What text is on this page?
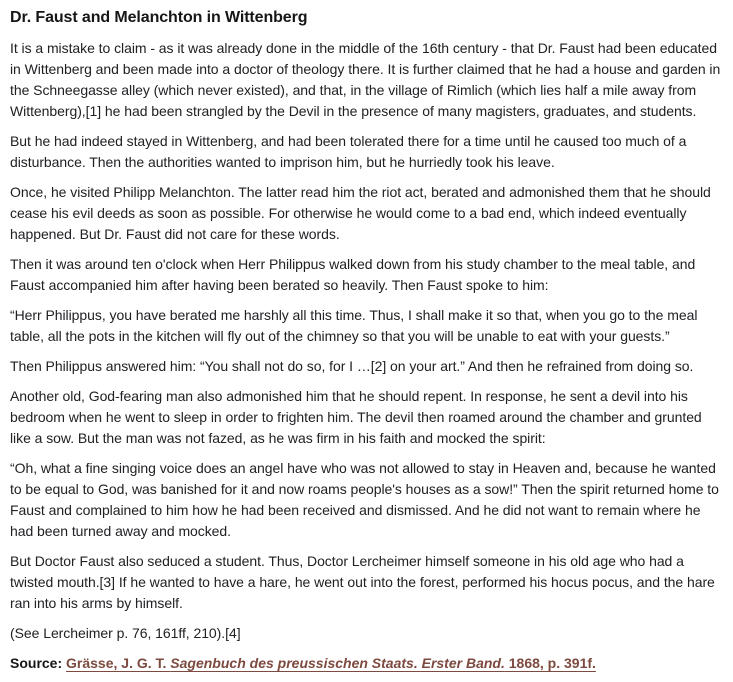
Dr. Faust and Melanchton in Wittenberg

It is a mistake to claim - as it was already done in the middle of the 16th century - that Dr. Faust had been educated in Wittenberg and been made into a doctor of theology there. It is further claimed that he had a house and garden in the Schneegasse alley (which never existed), and that, in the village of Rimlich (which lies half a mile away from Wittenberg),[1] he had been strangled by the Devil in the presence of many magisters, graduates, and students.

But he had indeed stayed in Wittenberg, and had been tolerated there for a time until he caused too much of a disturbance. Then the authorities wanted to imprison him, but he hurriedly took his leave.

Once, he visited Philipp Melanchton. The latter read him the riot act, berated and admonished them that he should cease his evil deeds as soon as possible. For otherwise he would come to a bad end, which indeed eventually happened. But Dr. Faust did not care for these words.

Then it was around ten o'clock when Herr Philippus walked down from his study chamber to the meal table, and Faust accompanied him after having been berated so heavily. Then Faust spoke to him:

“Herr Philippus, you have berated me harshly all this time. Thus, I shall make it so that, when you go to the meal table, all the pots in the kitchen will fly out of the chimney so that you will be unable to eat with your guests.”

Then Philippus answered him: “You shall not do so, for I …[2] on your art.” And then he refrained from doing so.

Another old, God-fearing man also admonished him that he should repent. In response, he sent a devil into his bedroom when he went to sleep in order to frighten him. The devil then roamed around the chamber and grunted like a sow. But the man was not fazed, as he was firm in his faith and mocked the spirit:

“Oh, what a fine singing voice does an angel have who was not allowed to stay in Heaven and, because he wanted to be equal to God, was banished for it and now roams people's houses as a sow!” Then the spirit returned home to Faust and complained to him how he had been received and dismissed. And he did not want to remain where he had been turned away and mocked.

But Doctor Faust also seduced a student. Thus, Doctor Lercheimer himself someone in his old age who had a twisted mouth.[3] If he wanted to have a hare, he went out into the forest, performed his hocus pocus, and the hare ran into his arms by himself.

(See Lercheimer p. 76, 161ff, 210).[4]

Source: Grässe, J. G. T. Sagenbuch des preussischen Staats. Erster Band. 1868, p. 391f.
